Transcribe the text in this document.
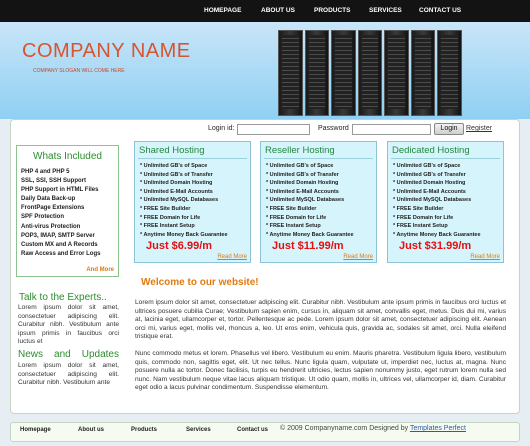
HOMEPAGE	ABOUT US	PRODUCTS	SERVICES	CONTACT US
COMPANY NAME
COMPANY SLOGAN WILL COME HERE
Login id:	Password	Login	Register
Whats Included
PHP 4 and PHP 5
SSL, SSI, SSH Support
PHP Support in HTML Files
Daily Data Back-up
FrontPage Extensions
SPF Protection
Anti-virus Protection
POP3, IMAP, SMTP Server
Custom MX and A Records
Raw Access and Error Logs
And More
Talk to the Experts..
Lorem ipsum dolor sit amet, consectetuer adipiscing elit. Curabitur nibh. Vestibulum ante ipsum primis in faucibus orci luctus et
News and Updates
Lorem ipsum dolor sit amet, consectetuer adipiscing elit. Curabitur nibh. Vestibulum ante
Shared Hosting
* Unlimited GB's of Space
* Unlimited GB's of Transfer
* Unlimited Domain Hosting
* Unlimited E-Mail Accounts
* Unlimited MySQL Databases
* FREE Site Builder
* FREE Domain for Life
* FREE Instant Setup
* Anytime Money Back Guarantee
Just $6.99/m
Read More
Reseller Hosting
* Unlimited GB's of Space
* Unlimited GB's of Transfer
* Unlimited Domain Hosting
* Unlimited E-Mail Accounts
* Unlimited MySQL Databases
* FREE Site Builder
* FREE Domain for Life
* FREE Instant Setup
* Anytime Money Back Guarantee
Just $11.99/m
Read More
Dedicated Hosting
* Unlimited GB's of Space
* Unlimited GB's of Transfer
* Unlimited Domain Hosting
* Unlimited E-Mail Accounts
* Unlimited MySQL Databases
* FREE Site Builder
* FREE Domain for Life
* FREE Instant Setup
* Anytime Money Back Guarantee
Just $31.99/m
Read More
Welcome to our website!
Lorem ipsum dolor sit amet, consectetuer adipiscing elit. Curabitur nibh. Vestibulum ante ipsum primis in faucibus orci luctus et ultrices posuere cubilia Curae; Vestibulum sapien enim, cursus in, aliquam sit amet, convallis eget, metus. Duis dui mi, varius at, lacinia eget, ullamcorper et, tortor. Pellentesque ac pede. Lorem ipsum dolor sit amet, consectetuer adipiscing elit. Aenean orci mi, varius eget, mollis vel, rhoncus a, leo. Ut eros enim, vehicula quis, gravida ac, sodales sit amet, orci. Nulla eleifend tristique erat.
Nunc commodo metus et lorem. Phasellus vel libero. Vestibulum eu enim. Mauris pharetra. Vestibulum ligula libero, vestibulum quis, commodo non, sagittis eget, elit. Ut nec tellus. Nunc ligula quam, vulputate ut, imperdiet nec, luctus at, magna. Nunc posuere nulla ac tortor. Donec facilisis, turpis eu hendrerit ultricies, lectus sapien nonummy justo, eget rutrum lorem nulla sed nunc. Nam vestibulum neque vitae lacus aliquam tristique. Ut odio quam, mollis in, ultrices vel, ullamcorper id, diam. Curabitur eget odio a lacus pulvinar condimentum. Suspendisse elementum.
Homepage	About us	Products	Services	Contact us © 2009 Companyname.com Designed by Templates Perfect
